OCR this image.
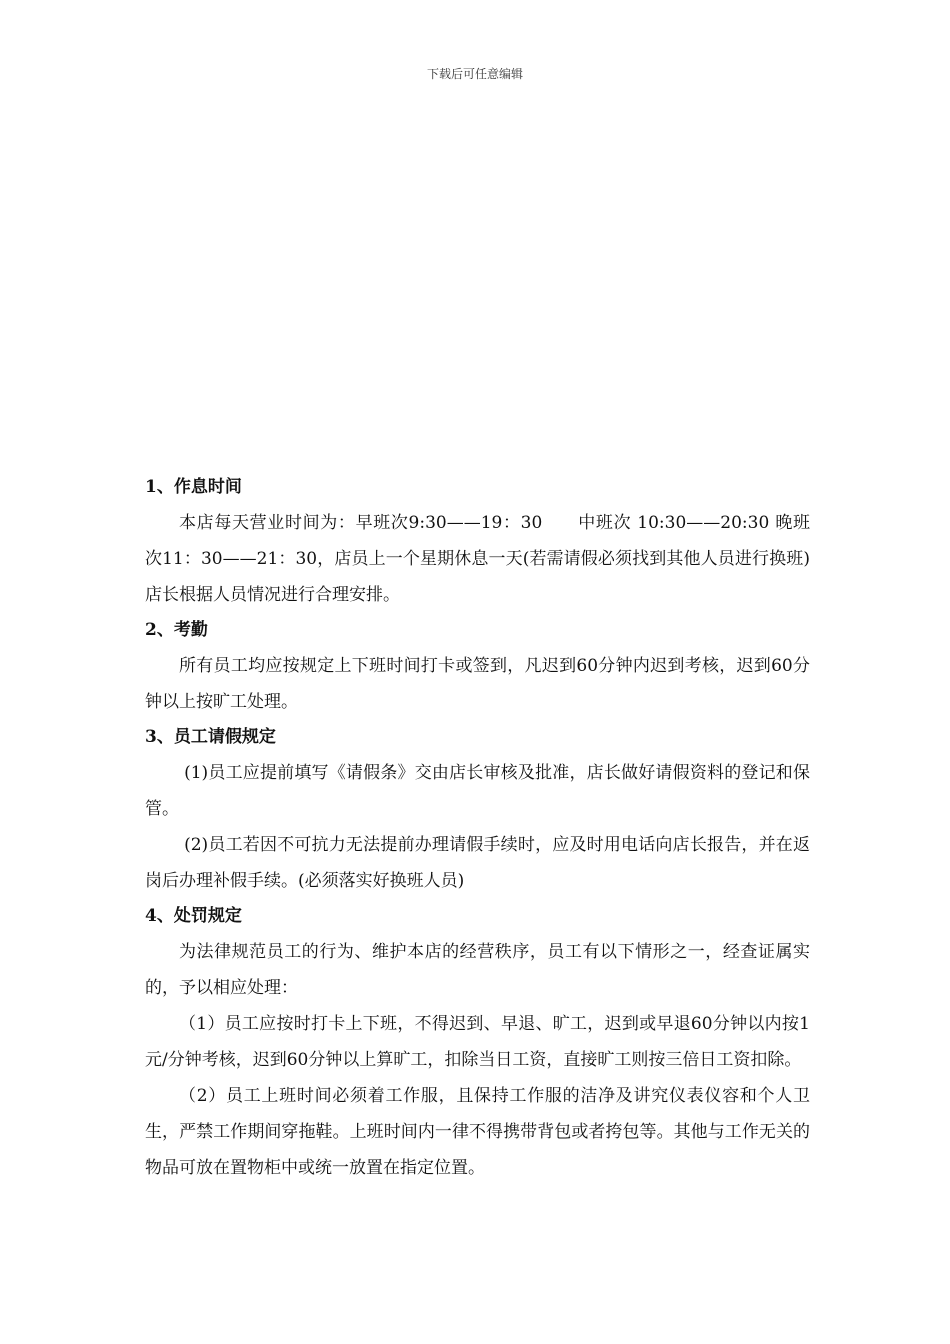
下载后可任意编辑

1、作息时间

本店每天营业时间为：早班次9:30——19：30　　中班次 10:30——20:30 晚班次11：30——21：30，店员上一个星期休息一天(若需请假必须找到其他人员进行换班)店长根据人员情况进行合理安排。

2、考勤

所有员工均应按规定上下班时间打卡或签到，凡迟到60分钟内迟到考核，迟到60分钟以上按旷工处理。

3、员工请假规定

(1)员工应提前填写《请假条》交由店长审核及批准，店长做好请假资料的登记和保管。

(2)员工若因不可抗力无法提前办理请假手续时，应及时用电话向店长报告，并在返岗后办理补假手续。(必须落实好换班人员)

4、处罚规定

为法律规范员工的行为、维护本店的经营秩序，员工有以下情形之一，经查证属实的，予以相应处理：

（1）员工应按时打卡上下班，不得迟到、早退、旷工，迟到或早退60分钟以内按1元/分钟考核，迟到60分钟以上算旷工，扣除当日工资，直接旷工则按三倍日工资扣除。

（2）员工上班时间必须着工作服，且保持工作服的洁净及讲究仪表仪容和个人卫生，严禁工作期间穿拖鞋。上班时间内一律不得携带背包或者挎包等。其他与工作无关的物品可放在置物柜中或统一放置在指定位置。
